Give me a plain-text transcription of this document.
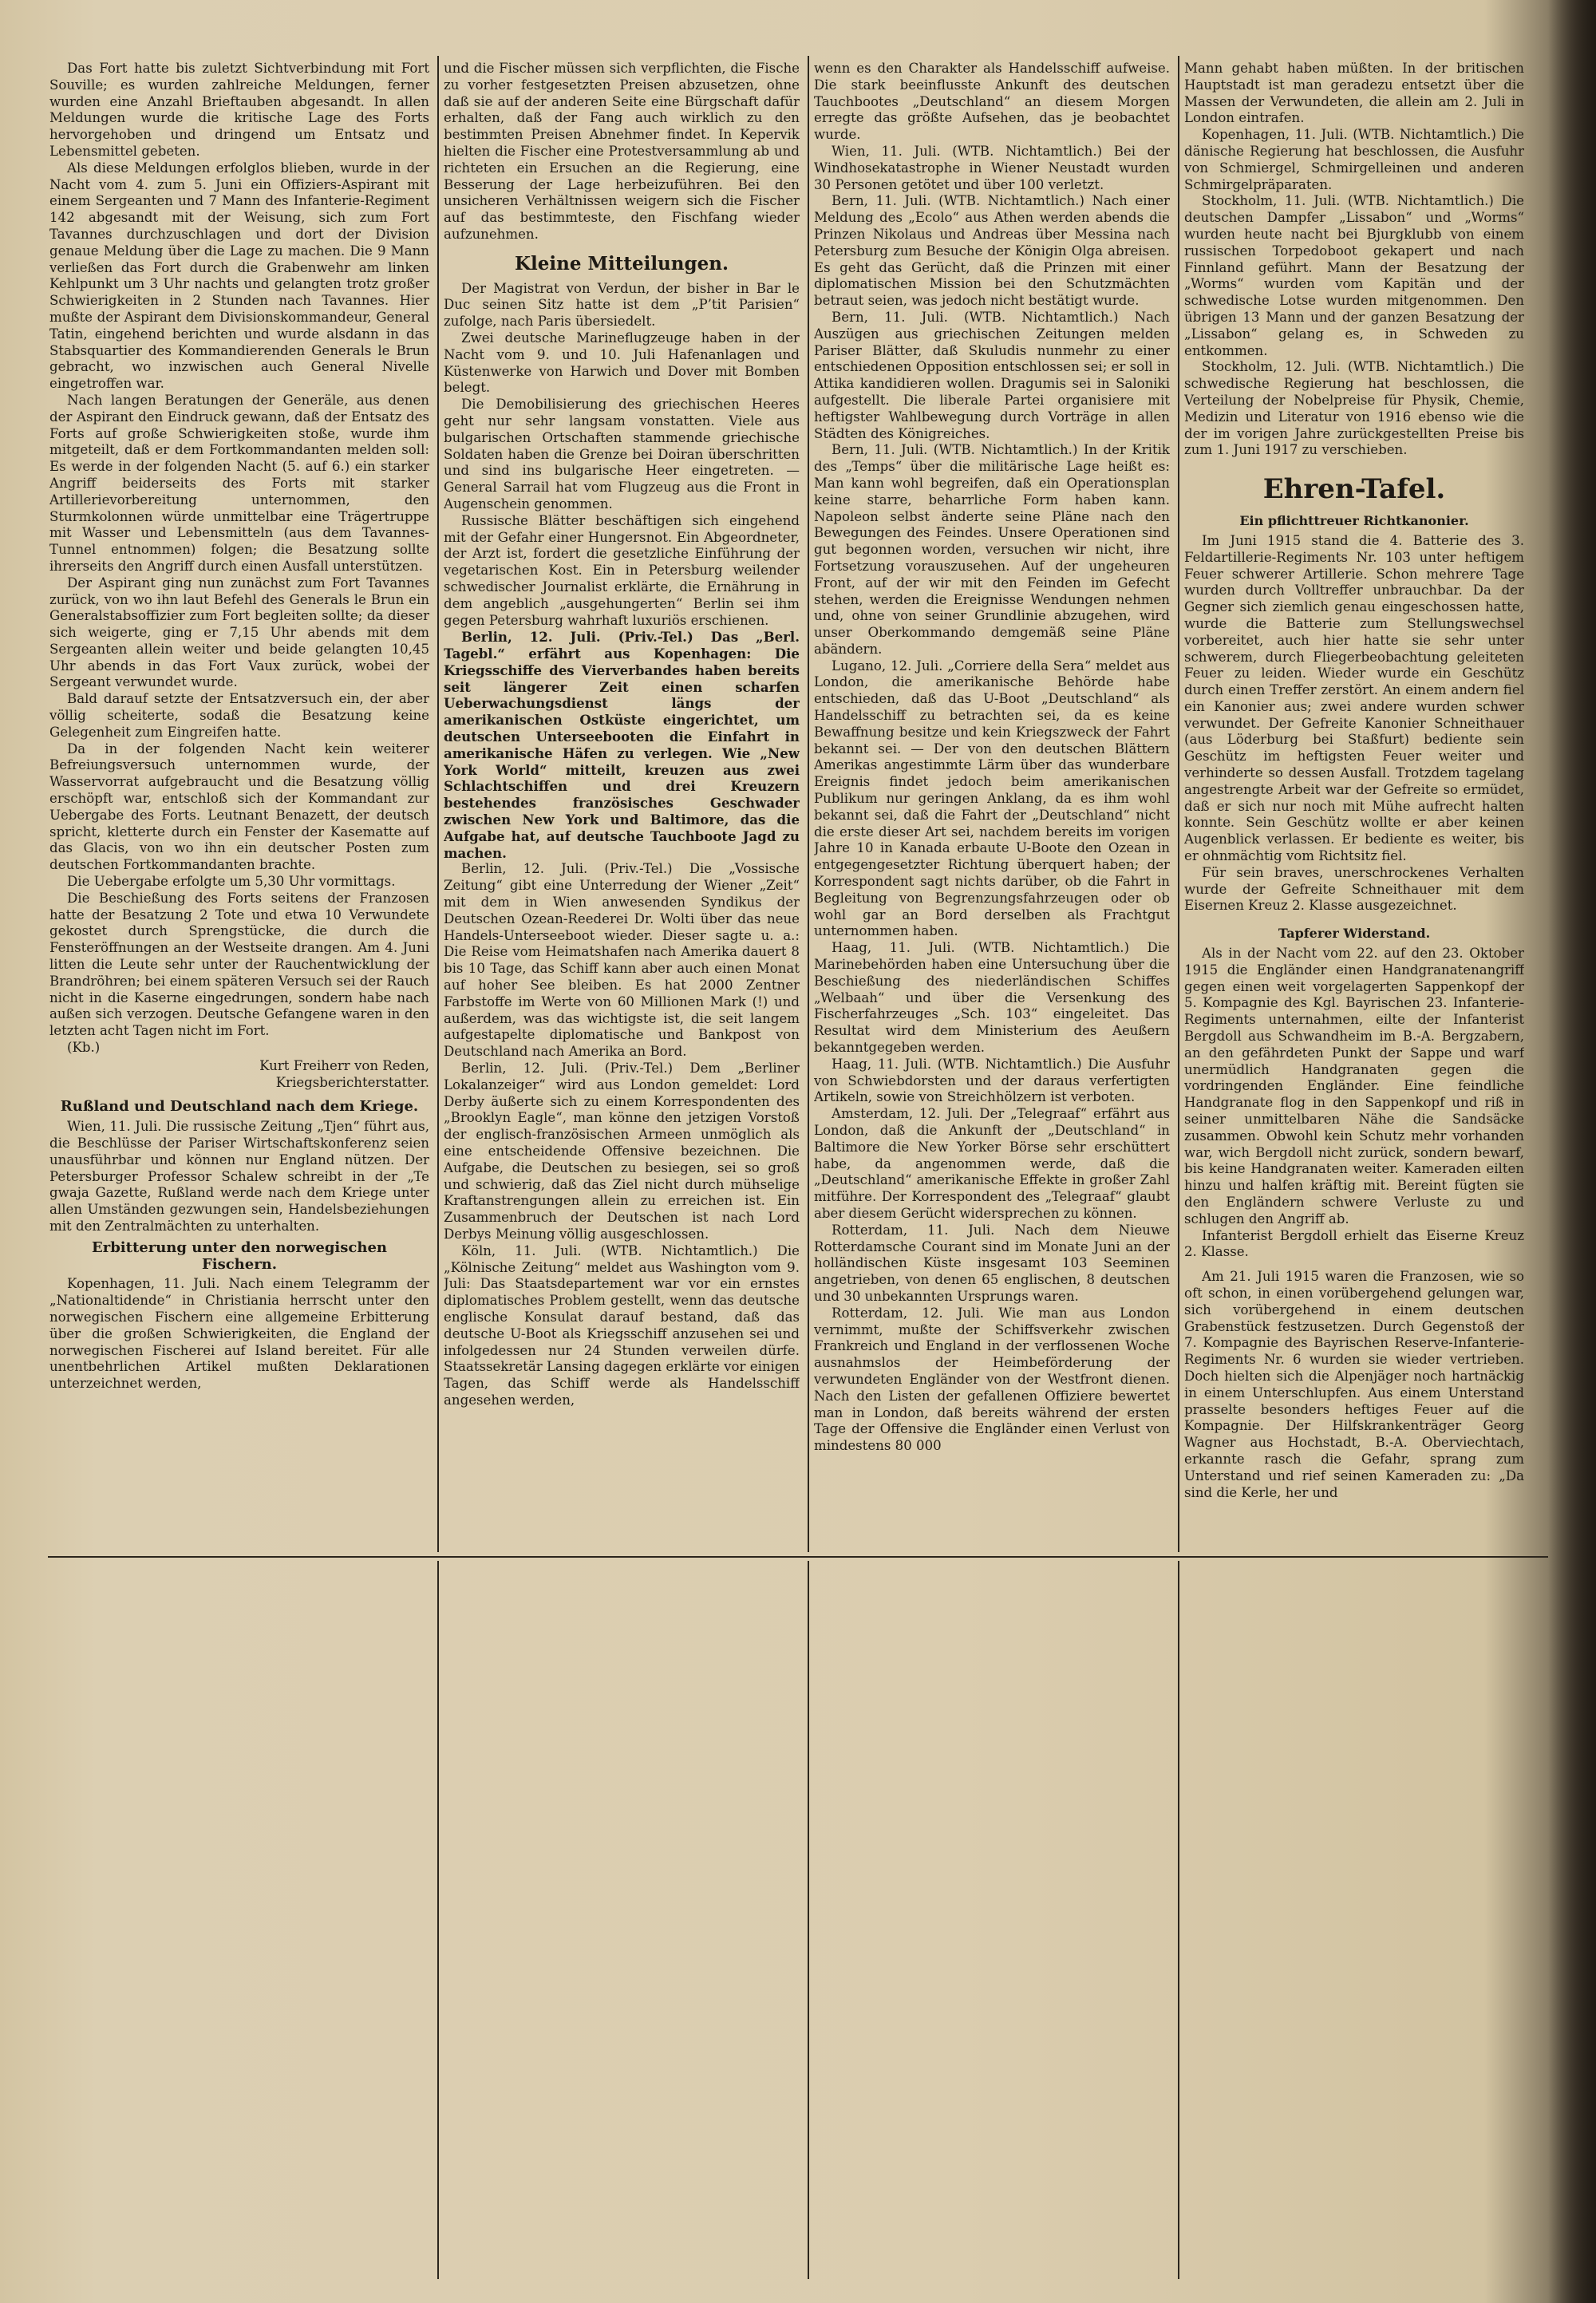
Das Fort hatte bis zuletzt Sichtverbindung mit Fort Souville; es wurden zahlreiche Meldungen, ferner wurden eine Anzahl Brieftauben abgesandt. In allen Meldungen wurde die kritische Lage des Forts hervorgehoben und dringend um Entsatz und Lebensmittel gebeten.

Als diese Meldungen erfolglos blieben, wurde in der Nacht vom 4. zum 5. Juni ein Offiziers-Aspirant mit einem Sergeanten und 7 Mann des Infanterie-Regiment 142 abgesandt mit der Weisung, sich zum Fort Tavannes durchzuschlagen und dort der Division genaue Meldung über die Lage zu machen. Die 9 Mann verließen das Fort durch die Grabenwehr am linken Kehlpunkt um 3 Uhr nachts und gelangten trotz großer Schwierigkeiten in 2 Stunden nach Tavannes. Hier mußte der Aspirant dem Divisionskommandeur, General Tatin, eingehend berichten und wurde alsdann in das Stabsquartier des Kommandierenden Generals le Brun gebracht, wo inzwischen auch General Nivelle eingetroffen war.

Nach langen Beratungen der Generäle, aus denen der Aspirant den Eindruck gewann, daß der Entsatz des Forts auf große Schwierigkeiten stoße, wurde ihm mitgeteilt, daß er dem Fortkommandanten melden soll: Es werde in der folgenden Nacht (5. auf 6.) ein starker Angriff beiderseits des Forts mit starker Artillerievorbereitung unternommen, den Sturmkolonnen würde unmittelbar eine Trägertruppe mit Wasser und Lebensmitteln (aus dem Tavannes-Tunnel entnommen) folgen; die Besatzung sollte ihrerseits den Angriff durch einen Ausfall unterstützen.

Der Aspirant ging nun zunächst zum Fort Tavannes zurück, von wo ihn laut Befehl des Generals le Brun ein Generalstabsoffizier zum Fort begleiten sollte; da dieser sich weigerte, ging er 7,15 Uhr abends mit dem Sergeanten allein weiter und beide gelangten 10,45 Uhr abends in das Fort Vaux zurück, wobei der Sergeant verwundet wurde.

Bald darauf setzte der Entsatzversuch ein, der aber völlig scheiterte, sodaß die Besatzung keine Gelegenheit zum Eingreifen hatte.

Da in der folgenden Nacht kein weiterer Befreiungsversuch unternommen wurde, der Wasservorrat aufgebraucht und die Besatzung völlig erschöpft war, entschloß sich der Kommandant zur Uebergabe des Forts. Leutnant Benazett, der deutsch spricht, kletterte durch ein Fenster der Kasematte auf das Glacis, von wo ihn ein deutscher Posten zum deutschen Fortkommandanten brachte.

Die Uebergabe erfolgte um 5,30 Uhr vormittags.

Die Beschießung des Forts seitens der Franzosen hatte der Besatzung 2 Tote und etwa 10 Verwundete gekostet durch Sprengstücke, die durch die Fensteröffnungen an der Westseite drangen. Am 4. Juni litten die Leute sehr unter der Rauchentwicklung der Brandröhren; bei einem späteren Versuch sei der Rauch nicht in die Kaserne eingedrungen, sondern habe nach außen sich verzogen. Deutsche Gefangene waren in den letzten acht Tagen nicht im Fort.

(Kb.)

Kurt Freiherr von Reden,
Kriegsberichterstatter.
Rußland und Deutschland nach dem Kriege.

Wien, 11. Juli. Die russische Zeitung „Tjen“ führt aus, die Beschlüsse der Pariser Wirtschaftskonferenz seien unausführbar und können nur England nützen. Der Petersburger Professor Schalew schreibt in der „Te gwaja Gazette, Rußland werde nach dem Kriege unter allen Umständen gezwungen sein, Handelsbeziehungen mit den Zentralmächten zu unterhalten.

Erbitterung unter den norwegischen
Fischern.

Kopenhagen, 11. Juli. Nach einem Telegramm der „Nationaltidende“ in Christiania herrscht unter den norwegischen Fischern eine allgemeine Erbitterung über die großen Schwierigkeiten, die England der norwegischen Fischerei auf Island bereitet. Für alle unentbehrlichen Artikel mußten Deklarationen unterzeichnet werden,

und die Fischer müssen sich verpflichten, die Fische zu vorher festgesetzten Preisen abzusetzen, ohne daß sie auf der anderen Seite eine Bürgschaft dafür erhalten, daß der Fang auch wirklich zu den bestimmten Preisen Abnehmer findet. In Kepervik hielten die Fischer eine Protestversammlung ab und richteten ein Ersuchen an die Regierung, eine Besserung der Lage herbeizuführen. Bei den unsicheren Verhältnissen weigern sich die Fischer auf das bestimmteste, den Fischfang wieder aufzunehmen.

Kleine Mitteilungen.

Der Magistrat von Verdun, der bisher in Bar le Duc seinen Sitz hatte ist dem „P’tit Parisien“ zufolge, nach Paris übersiedelt.

Zwei deutsche Marineflugzeuge haben in der Nacht vom 9. und 10. Juli Hafenanlagen und Küstenwerke von Harwich und Dover mit Bomben belegt.

Die Demobilisierung des griechischen Heeres geht nur sehr langsam vonstatten. Viele aus bulgarischen Ortschaften stammende griechische Soldaten haben die Grenze bei Doiran überschritten und sind ins bulgarische Heer eingetreten. — General Sarrail hat vom Flugzeug aus die Front in Augenschein genommen.

Russische Blätter beschäftigen sich eingehend mit der Gefahr einer Hungersnot. Ein Abgeordneter, der Arzt ist, fordert die gesetzliche Einführung der vegetarischen Kost. Ein in Petersburg weilender schwedischer Journalist erklärte, die Ernährung in dem angeblich „ausgehungerten“ Berlin sei ihm gegen Petersburg wahrhaft luxuriös erschienen.

Berlin, 12. Juli. (Priv.-Tel.) Das „Berl. Tagebl.“ erfährt aus Kopenhagen: Die Kriegsschiffe des Vierverbandes haben bereits seit längerer Zeit einen scharfen Ueberwachungsdienst längs der amerikanischen Ostküste eingerichtet, um deutschen Unterseebooten die Einfahrt in amerikanische Häfen zu verlegen. Wie „New York World“ mitteilt, kreuzen aus zwei Schlachtschiffen und drei Kreuzern bestehendes französisches Geschwader zwischen New York und Baltimore, das die Aufgabe hat, auf deutsche Tauchboote Jagd zu machen.

Berlin, 12. Juli. (Priv.-Tel.) Die „Vossische Zeitung“ gibt eine Unterredung der Wiener „Zeit“ mit dem in Wien anwesenden Syndikus der Deutschen Ozean-Reederei Dr. Wolti über das neue Handels-Unterseeboot wieder. Dieser sagte u. a.: Die Reise vom Heimatshafen nach Amerika dauert 8 bis 10 Tage, das Schiff kann aber auch einen Monat auf hoher See bleiben. Es hat 2000 Zentner Farbstoffe im Werte von 60 Millionen Mark (!) und außerdem, was das wichtigste ist, die seit langem aufgestapelte diplomatische und Bankpost von Deutschland nach Amerika an Bord.

Berlin, 12. Juli. (Priv.-Tel.) Dem „Berliner Lokalanzeiger“ wird aus London gemeldet: Lord Derby äußerte sich zu einem Korrespondenten des „Brooklyn Eagle“, man könne den jetzigen Vorstoß der englisch-französischen Armeen unmöglich als eine entscheidende Offensive bezeichnen. Die Aufgabe, die Deutschen zu besiegen, sei so groß und schwierig, daß das Ziel nicht durch mühselige Kraftanstrengungen allein zu erreichen ist. Ein Zusammenbruch der Deutschen ist nach Lord Derbys Meinung völlig ausgeschlossen.

Köln, 11. Juli. (WTB. Nichtamtlich.) Die „Kölnische Zeitung“ meldet aus Washington vom 9. Juli: Das Staatsdepartement war vor ein ernstes diplomatisches Problem gestellt, wenn das deutsche englische Konsulat darauf bestand, daß das deutsche U-Boot als Kriegsschiff anzusehen sei und infolgedessen nur 24 Stunden verweilen dürfe. Staatssekretär Lansing dagegen erklärte vor einigen Tagen, das Schiff werde als Handelsschiff angesehen werden,

wenn es den Charakter als Handelsschiff aufweise. Die stark beeinflusste Ankunft des deutschen Tauchbootes „Deutschland“ an diesem Morgen erregte das größte Aufsehen, das je beobachtet wurde.

Wien, 11. Juli. (WTB. Nichtamtlich.) Bei der Windhosekatastrophe in Wiener Neustadt wurden 30 Personen getötet und über 100 verletzt.

Bern, 11. Juli. (WTB. Nichtamtlich.) Nach einer Meldung des „Ecolo“ aus Athen werden abends die Prinzen Nikolaus und Andreas über Messina nach Petersburg zum Besuche der Königin Olga abreisen. Es geht das Gerücht, daß die Prinzen mit einer diplomatischen Mission bei den Schutzmächten betraut seien, was jedoch nicht bestätigt wurde.

Bern, 11. Juli. (WTB. Nichtamtlich.) Nach Auszügen aus griechischen Zeitungen melden Pariser Blätter, daß Skuludis nunmehr zu einer entschiedenen Opposition entschlossen sei; er soll in Attika kandidieren wollen. Dragumis sei in Saloniki aufgestellt. Die liberale Partei organisiere mit heftigster Wahlbewegung durch Vorträge in allen Städten des Königreiches.

Bern, 11. Juli. (WTB. Nichtamtlich.) In der Kritik des „Temps“ über die militärische Lage heißt es: Man kann wohl begreifen, daß ein Operationsplan keine starre, beharrliche Form haben kann. Napoleon selbst änderte seine Pläne nach den Bewegungen des Feindes. Unsere Operationen sind gut begonnen worden, versuchen wir nicht, ihre Fortsetzung vorauszusehen. Auf der ungeheuren Front, auf der wir mit den Feinden im Gefecht stehen, werden die Ereignisse Wendungen nehmen und, ohne von seiner Grundlinie abzugehen, wird unser Oberkommando demgemäß seine Pläne abändern.

Lugano, 12. Juli. „Corriere della Sera“ meldet aus London, die amerikanische Behörde habe entschieden, daß das U-Boot „Deutschland“ als Handelsschiff zu betrachten sei, da es keine Bewaffnung besitze und kein Kriegszweck der Fahrt bekannt sei. — Der von den deutschen Blättern Amerikas angestimmte Lärm über das wunderbare Ereignis findet jedoch beim amerikanischen Publikum nur geringen Anklang, da es ihm wohl bekannt sei, daß die Fahrt der „Deutschland“ nicht die erste dieser Art sei, nachdem bereits im vorigen Jahre 10 in Kanada erbaute U-Boote den Ozean in entgegengesetzter Richtung überquert haben; der Korrespondent sagt nichts darüber, ob die Fahrt in Begleitung von Begrenzungsfahrzeugen oder ob wohl gar an Bord derselben als Frachtgut unternommen haben.

Haag, 11. Juli. (WTB. Nichtamtlich.) Die Marinebehörden haben eine Untersuchung über die Beschießung des niederländischen Schiffes „Welbaah“ und über die Versenkung des Fischerfahrzeuges „Sch. 103“ eingeleitet. Das Resultat wird dem Ministerium des Aeußern bekanntgegeben werden.

Haag, 11. Juli. (WTB. Nichtamtlich.) Die Ausfuhr von Schwiebdorsten und der daraus verfertigten Artikeln, sowie von Streichhölzern ist verboten.

Amsterdam, 12. Juli. Der „Telegraaf“ erfährt aus London, daß die Ankunft der „Deutschland“ in Baltimore die New Yorker Börse sehr erschüttert habe, da angenommen werde, daß die „Deutschland“ amerikanische Effekte in großer Zahl mitführe. Der Korrespondent des „Telegraaf“ glaubt aber diesem Gerücht widersprechen zu können.

Rotterdam, 11. Juli. Nach dem Nieuwe Rotterdamsche Courant sind im Monate Juni an der holländischen Küste insgesamt 103 Seeminen angetrieben, von denen 65 englischen, 8 deutschen und 30 unbekannten Ursprungs waren.

Rotterdam, 12. Juli. Wie man aus London vernimmt, mußte der Schiffsverkehr zwischen Frankreich und England in der verflossenen Woche ausnahmslos der Heimbeförderung der verwundeten Engländer von der Westfront dienen. Nach den Listen der gefallenen Offiziere bewertet man in London, daß bereits während der ersten Tage der Offensive die Engländer einen Verlust von mindestens 80 000

Mann gehabt haben müßten. In der britischen Hauptstadt ist man geradezu entsetzt über die Massen der Verwundeten, die allein am 2. Juli in London eintrafen.

Kopenhagen, 11. Juli. (WTB. Nichtamtlich.) Die dänische Regierung hat beschlossen, die Ausfuhr von Schmiergel, Schmirgelleinen und anderen Schmirgelpräparaten.

Stockholm, 11. Juli. (WTB. Nichtamtlich.) Die deutschen Dampfer „Lissabon“ und „Worms“ wurden heute nacht bei Bjurgklubb von einem russischen Torpedoboot gekapert und nach Finnland geführt. Mann der Besatzung der „Worms“ wurden vom Kapitän und der schwedische Lotse wurden mitgenommen. Den übrigen 13 Mann und der ganzen Besatzung der „Lissabon“ gelang es, in Schweden zu entkommen.

Stockholm, 12. Juli. (WTB. Nichtamtlich.) Die schwedische Regierung hat beschlossen, die Verteilung der Nobelpreise für Physik, Chemie, Medizin und Literatur von 1916 ebenso wie die der im vorigen Jahre zurückgestellten Preise bis zum 1. Juni 1917 zu verschieben.

Ehren-Tafel.
Ein pflichttreuer Richtkanonier.

Im Juni 1915 stand die 4. Batterie des 3. Feldartillerie-Regiments Nr. 103 unter heftigem Feuer schwerer Artillerie. Schon mehrere Tage wurden durch Volltreffer unbrauchbar. Da der Gegner sich ziemlich genau eingeschossen hatte, wurde die Batterie zum Stellungswechsel vorbereitet, auch hier hatte sie sehr unter schwerem, durch Fliegerbeobachtung geleiteten Feuer zu leiden. Wieder wurde ein Geschütz durch einen Treffer zerstört. An einem andern fiel ein Kanonier aus; zwei andere wurden schwer verwundet. Der Gefreite Kanonier Schneithauer (aus Löderburg bei Staßfurt) bediente sein Geschütz im heftigsten Feuer weiter und verhinderte so dessen Ausfall. Trotzdem tagelang angestrengte Arbeit war der Gefreite so ermüdet, daß er sich nur noch mit Mühe aufrecht halten konnte. Sein Geschütz wollte er aber keinen Augenblick verlassen. Er bediente es weiter, bis er ohnmächtig vom Richtsitz fiel.

Für sein braves, unerschrockenes Verhalten wurde der Gefreite Schneithauer mit dem Eisernen Kreuz 2. Klasse ausgezeichnet.

Tapferer Widerstand.

Als in der Nacht vom 22. auf den 23. Oktober 1915 die Engländer einen Handgranatenangriff gegen einen weit vorgelagerten Sappenkopf der 5. Kompagnie des Kgl. Bayrischen 23. Infanterie-Regiments unternahmen, eilte der Infanterist Bergdoll aus Schwandheim im B.-A. Bergzabern, an den gefährdeten Punkt der Sappe und warf unermüdlich Handgranaten gegen die vordringenden Engländer. Eine feindliche Handgranate flog in den Sappenkopf und riß in seiner unmittelbaren Nähe die Sandsäcke zusammen. Obwohl kein Schutz mehr vorhanden war, wich Bergdoll nicht zurück, sondern bewarf, bis keine Handgranaten weiter. Kameraden eilten hinzu und halfen kräftig mit. Bereint fügten sie den Engländern schwere Verluste zu und schlugen den Angriff ab.

Infanterist Bergdoll erhielt das Eiserne Kreuz 2. Klasse.

Am 21. Juli 1915 waren die Franzosen, wie so oft schon, in einen vorübergehend gelungen war, sich vorübergehend in einem deutschen Grabenstück festzusetzen. Durch Gegenstoß der 7. Kompagnie des Bayrischen Reserve-Infanterie-Regiments Nr. 6 wurden sie wieder vertrieben. Doch hielten sich die Alpenjäger noch hartnäckig in einem Unterschlupfen. Aus einem Unterstand prasselte besonders heftiges Feuer auf die Kompagnie. Der Hilfskrankenträger Georg Wagner aus Hochstadt, B.-A. Oberviechtach, erkannte rasch die Gefahr, sprang zum Unterstand und rief seinen Kameraden zu: „Da sind die Kerle, her und
